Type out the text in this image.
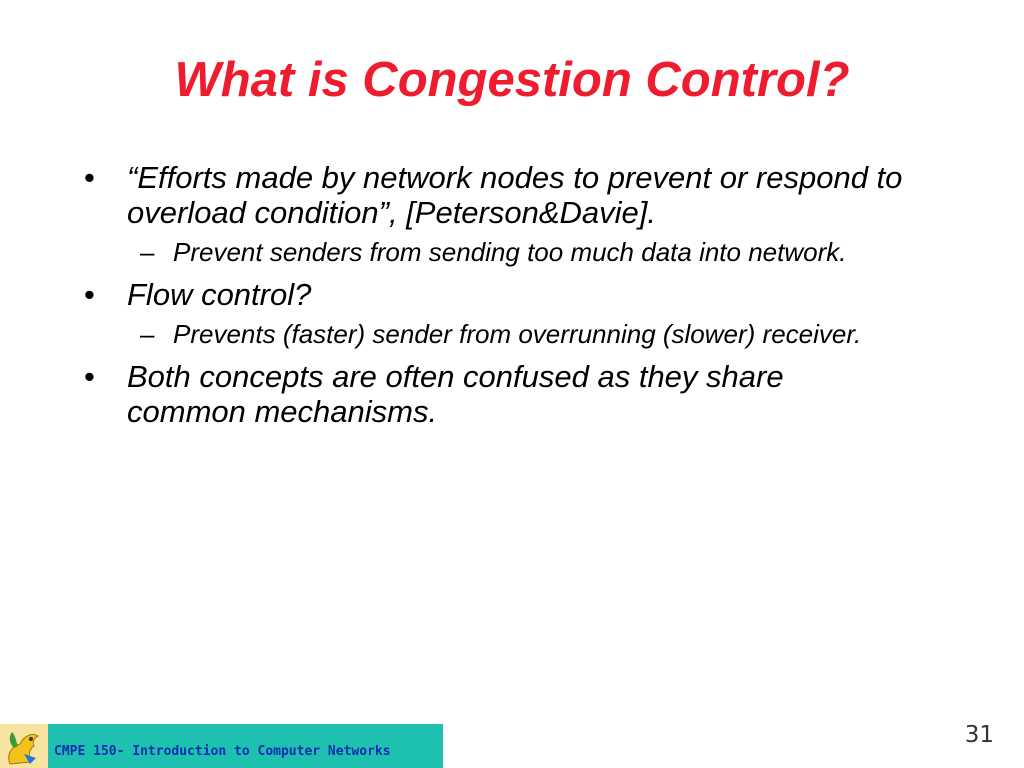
What is Congestion Control?
• “Efforts made by network nodes to prevent or respond to overload condition”, [Peterson&Davie].
– Prevent senders from sending too much data into network.
• Flow control?
– Prevents (faster) sender from overrunning (slower) receiver.
• Both concepts are often confused as they share common mechanisms.
31
CMPE 150- Introduction to Computer Networks
